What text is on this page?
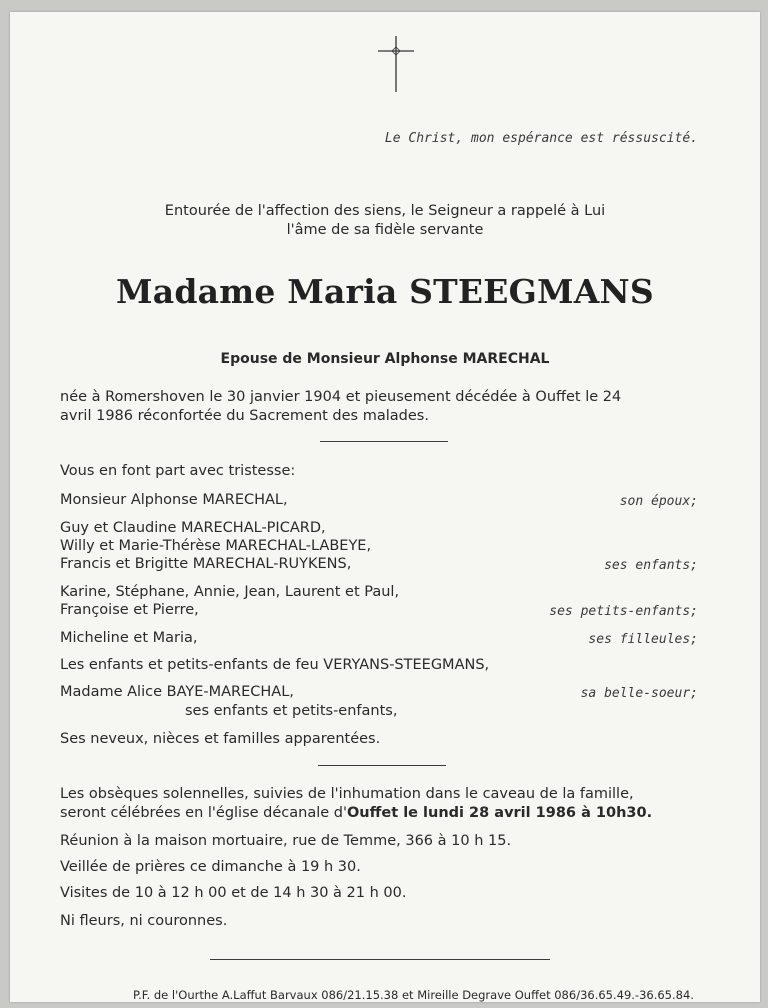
Le Christ, mon espérance est réssuscité.
Entourée de l'affection des siens, le Seigneur a rappelé à Lui
l'âme de sa fidèle servante
Madame Maria STEEGMANS
Epouse de Monsieur Alphonse MARECHAL
née à Romershoven le 30 janvier 1904 et pieusement décédée à Ouffet le 24
avril 1986 réconfortée du Sacrement des malades.
Vous en font part avec tristesse:
Monsieur Alphonse MARECHAL,	son époux;
Guy et Claudine MARECHAL-PICARD,
Willy et Marie-Thérèse MARECHAL-LABEYE,
Francis et Brigitte MARECHAL-RUYKENS,	ses enfants;
Karine, Stéphane, Annie, Jean, Laurent et Paul,
Françoise et Pierre,	ses petits-enfants;
Micheline et Maria,	ses filleules;
Les enfants et petits-enfants de feu VERYANS-STEEGMANS,
Madame Alice BAYE-MARECHAL,	sa belle-soeur;
ses enfants et petits-enfants,
Ses neveux, nièces et familles apparentées.
Les obsèques solennelles, suivies de l'inhumation dans le caveau de la famille,
seront célébrées en l'église décanale d'Ouffet le lundi 28 avril 1986 à 10h30.
Réunion à la maison mortuaire, rue de Temme, 366 à 10 h 15.
Veillée de prières ce dimanche à 19 h 30.
Visites de 10 à 12 h 00 et de 14 h 30 à 21 h 00.
Ni fleurs, ni couronnes.
P.F. de l'Ourthe A.Laffut Barvaux 086/21.15.38 et Mireille Degrave Ouffet 086/36.65.49.-36.65.84.
